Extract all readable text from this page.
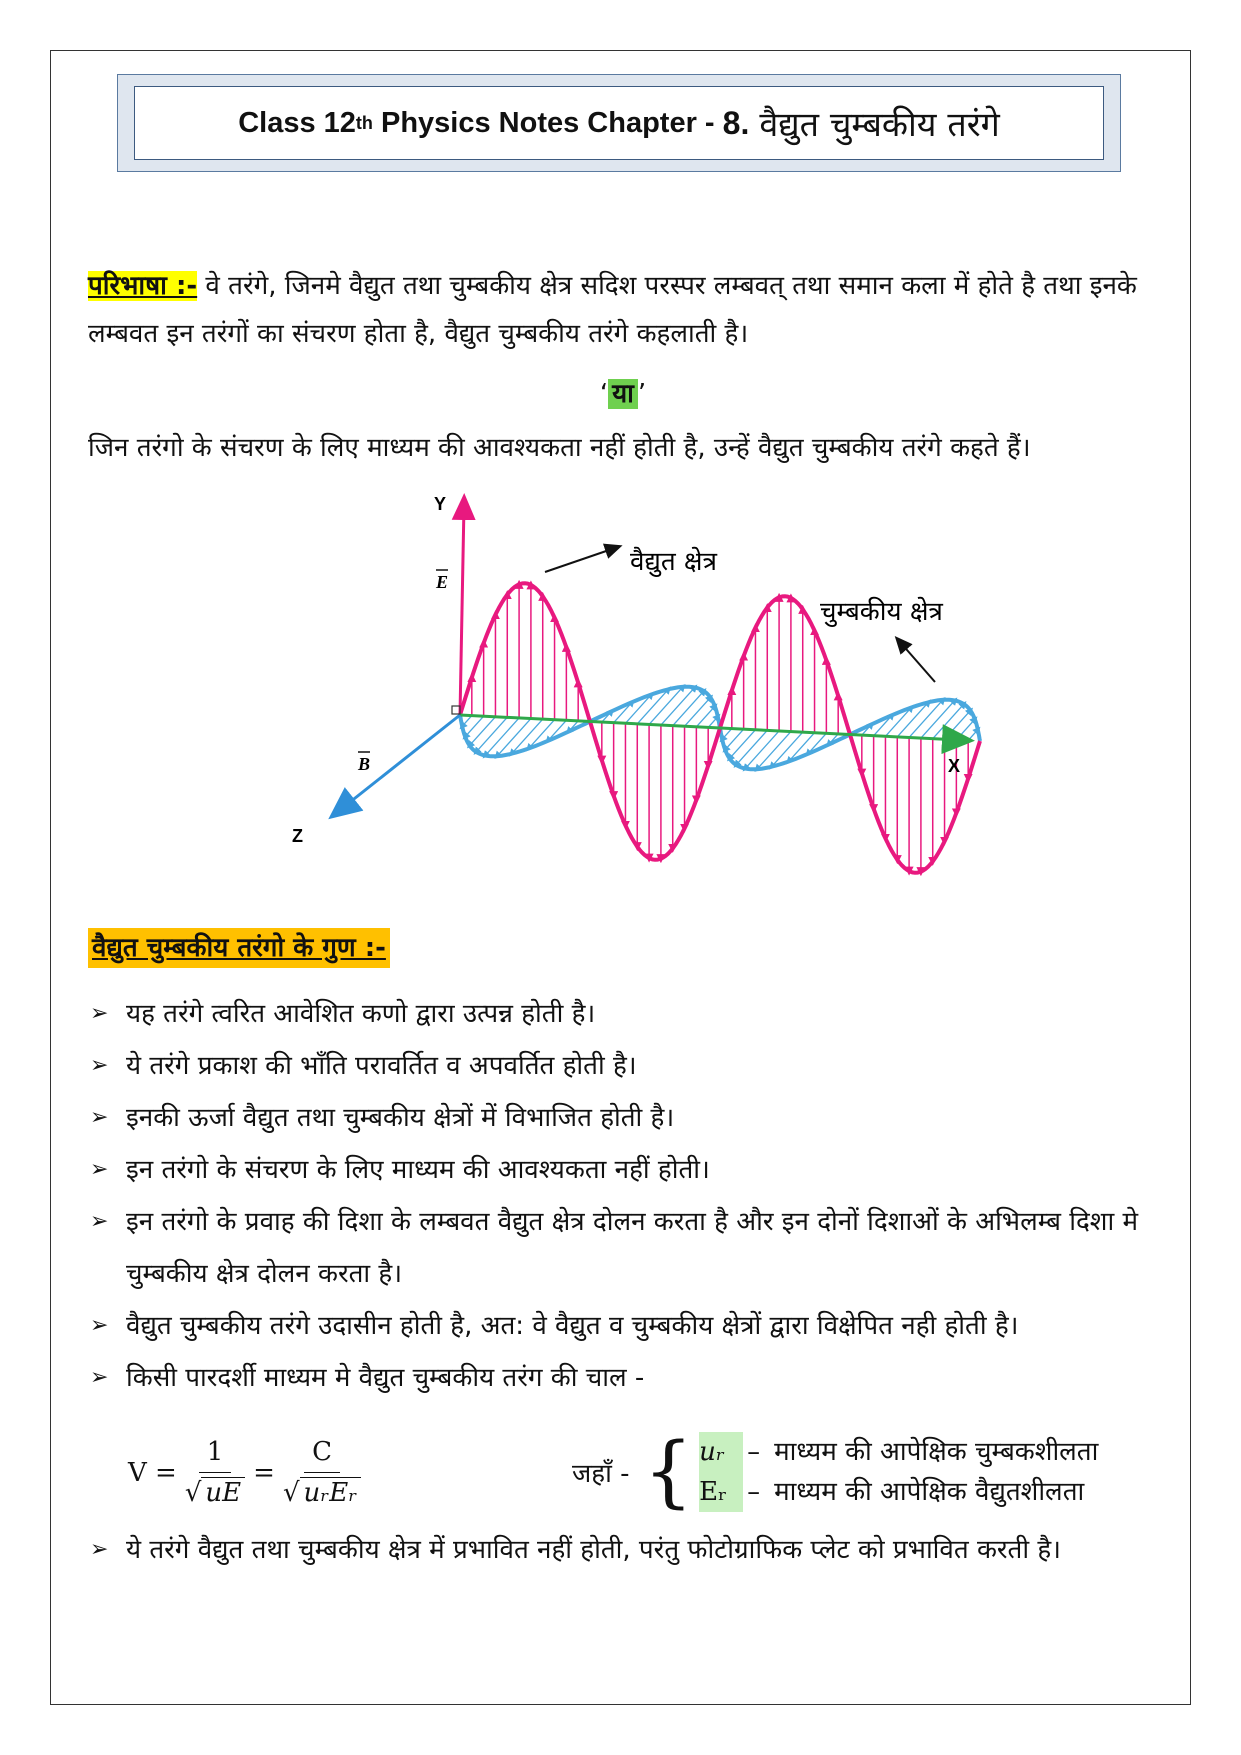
Class 12 th Physics Notes Chapter - 8. वैद्युत चुम्बकीय तरंगे
परिभाषा :- वे तरंगे, जिनमे वैद्युत तथा चुम्बकीय क्षेत्र सदिश परस्पर लम्बवत् तथा समान कला में होते है तथा इनके लम्बवत इन तरंगों का संचरण होता है, वैद्युत चुम्बकीय तरंगे कहलाती है।
‘ या ’
जिन तरंगो के संचरण के लिए माध्यम की आवश्यकता नहीं होती है, उन्हें वैद्युत चुम्बकीय तरंगे कहते हैं।
Y
X
Z
E
B
वैद्युत क्षेत्र
चुम्बकीय क्षेत्र
वैद्युत चुम्बकीय तरंगो के गुण :-
➢ यह तरंगे त्वरित आवेशित कणो द्वारा उत्पन्न होती है।
➢ ये तरंगे प्रकाश की भाँति परावर्तित व अपवर्तित होती है।
➢ इनकी ऊर्जा वैद्युत तथा चुम्बकीय क्षेत्रों में विभाजित होती है।
➢ इन तरंगो के संचरण के लिए माध्यम की आवश्यकता नहीं होती।
➢ इन तरंगो के प्रवाह की दिशा के लम्बवत वैद्युत क्षेत्र दोलन करता है और इन दोनों दिशाओं के अभिलम्ब दिशा मे चुम्बकीय क्षेत्र दोलन करता है।
➢ वैद्युत चुम्बकीय तरंगे उदासीन होती है, अत: वे वैद्युत व चुम्बकीय क्षेत्रों द्वारा विक्षेपित नही होती है।
➢ किसी पारदर्शी माध्यम मे वैद्युत चुम्बकीय तरंग की चाल -
➢ ये तरंगे वैद्युत तथा चुम्बकीय क्षेत्र में प्रभावित नहीं होती, परंतु फोटोग्राफिक प्लेट को प्रभावित करती है।
$V = \frac{1}{√ uE} = \frac{C}{\text{√ uᵣEᵣ}}$	जहाँ - { uᵣ – माध्यम की आपेक्षिक चुम्बकशीलता
Eᵣ – माध्यम की आपेक्षिक वैद्युतशीलता
